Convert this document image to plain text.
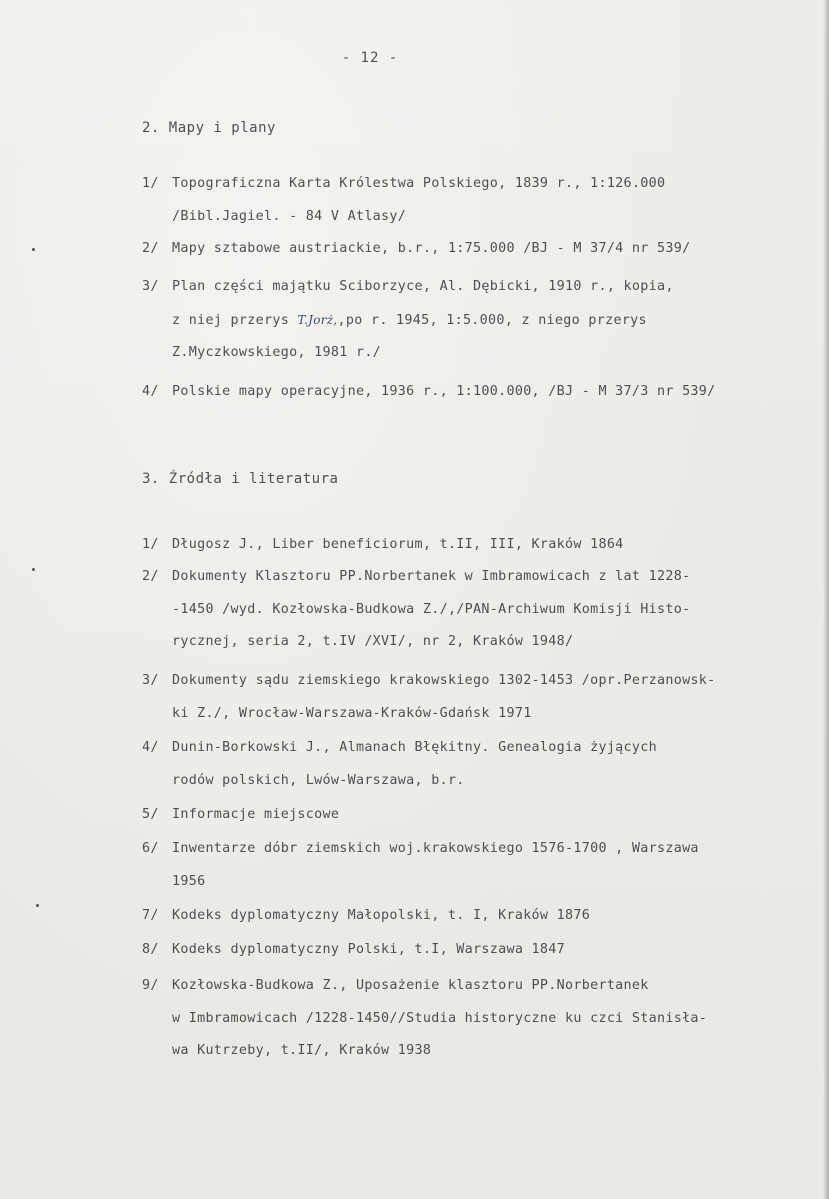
- 12 -
2. Mapy i plany
1/ Topograficzna Karta Królestwa Polskiego, 1839 r., 1:126.000
/Bibl.Jagiel. - 84 V Atlasy/
2/ Mapy sztabowe austriackie, b.r., 1:75.000 /BJ - M 37/4 nr 539/
3/ Plan części majątku Sciborzyce, Al. Dębicki, 1910 r., kopia,
z niej przerys T.Jorż,,po r. 1945, 1:5.000, z niego przerys
Z.Myczkowskiego, 1981 r./
4/ Polskie mapy operacyjne, 1936 r., 1:100.000, /BJ - M 37/3 nr 539/
3. Źródła i literatura
1/ Długosz J., Liber beneficiorum, t.II, III, Kraków 1864
2/ Dokumenty Klasztoru PP.Norbertanek w Imbramowicach z lat 1228-
-1450 /wyd. Kozłowska-Budkowa Z./,/PAN-Archiwum Komisji Histo-
rycznej, seria 2, t.IV /XVI/, nr 2, Kraków 1948/
3/ Dokumenty sądu ziemskiego krakowskiego 1302-1453 /opr.Perzanowsk-
ki Z./, Wrocław-Warszawa-Kraków-Gdańsk 1971
4/ Dunin-Borkowski J., Almanach Błękitny. Genealogia żyjących
rodów polskich, Lwów-Warszawa, b.r.
5/ Informacje miejscowe
6/ Inwentarze dóbr ziemskich woj.krakowskiego 1576-1700 , Warszawa
1956
7/ Kodeks dyplomatyczny Małopolski, t. I, Kraków 1876
8/ Kodeks dyplomatyczny Polski, t.I, Warszawa 1847
9/ Kozłowska-Budkowa Z., Uposażenie klasztoru PP.Norbertanek
w Imbramowicach /1228-1450//Studia historyczne ku czci Stanisła-
wa Kutrzeby, t.II/, Kraków 1938
